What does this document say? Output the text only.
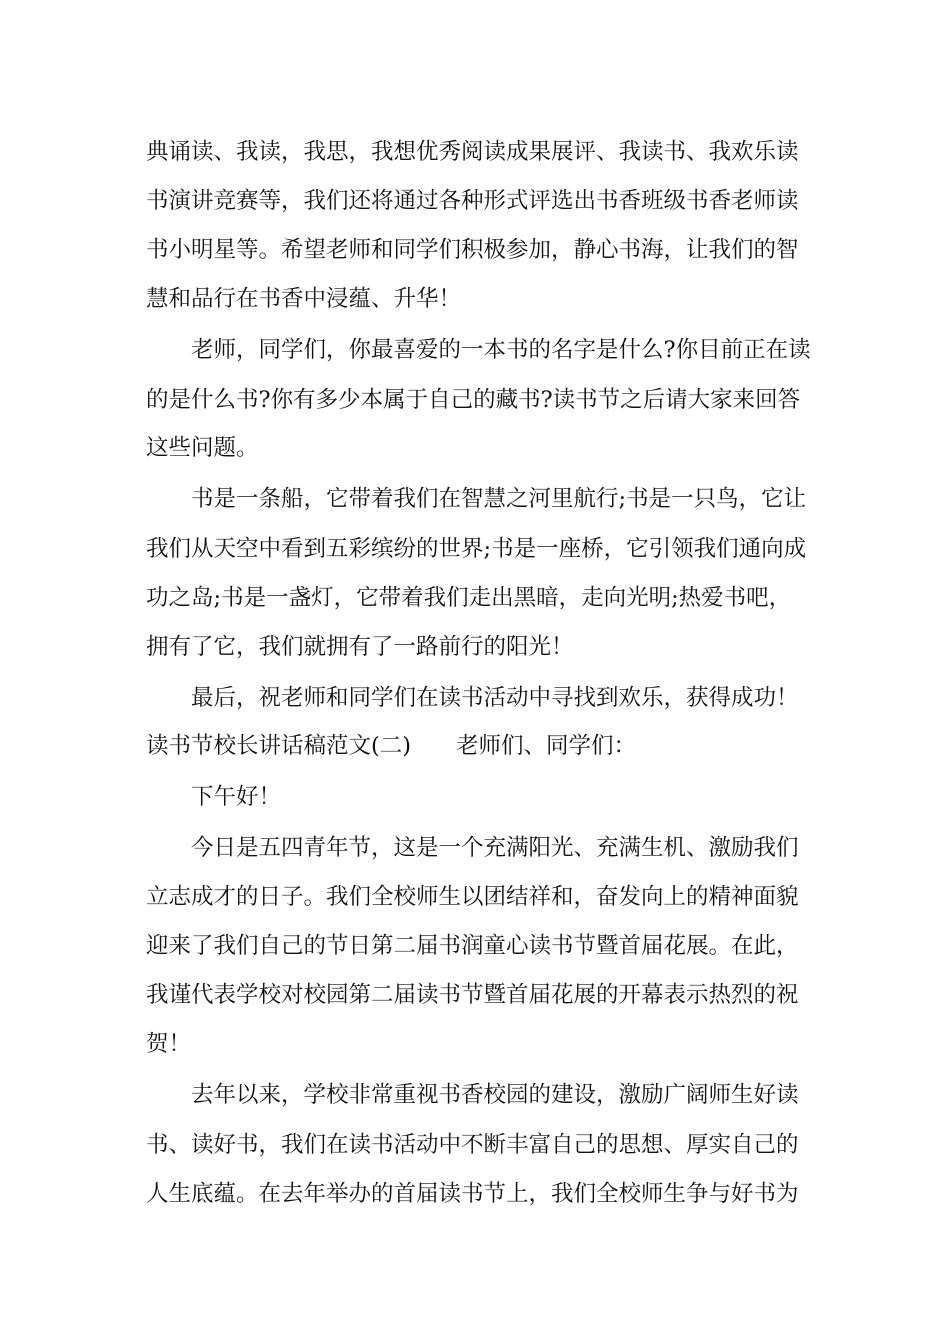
典诵读、我读，我思，我想优秀阅读成果展评、我读书、我欢乐读
书演讲竞赛等，我们还将通过各种形式评选出书香班级书香老师读
书小明星等。希望老师和同学们积极参加，静心书海，让我们的智
慧和品行在书香中浸蕴、升华！
老师，同学们，你最喜爱的一本书的名字是什么?你目前正在读
的是什么书?你有多少本属于自己的藏书?读书节之后请大家来回答
这些问题。
书是一条船，它带着我们在智慧之河里航行;书是一只鸟，它让
我们从天空中看到五彩缤纷的世界;书是一座桥，它引领我们通向成
功之岛;书是一盏灯，它带着我们走出黑暗，走向光明;热爱书吧，
拥有了它，我们就拥有了一路前行的阳光！
最后，祝老师和同学们在读书活动中寻找到欢乐，获得成功！
读书节校长讲话稿范文(二)　　老师们、同学们：
下午好！
今日是五四青年节，这是一个充满阳光、充满生机、激励我们
立志成才的日子。我们全校师生以团结祥和，奋发向上的精神面貌
迎来了我们自己的节日第二届书润童心读书节暨首届花展。在此，
我谨代表学校对校园第二届读书节暨首届花展的开幕表示热烈的祝
贺！
去年以来，学校非常重视书香校园的建设，激励广阔师生好读
书、读好书，我们在读书活动中不断丰富自己的思想、厚实自己的
人生底蕴。在去年举办的首届读书节上，我们全校师生争与好书为
